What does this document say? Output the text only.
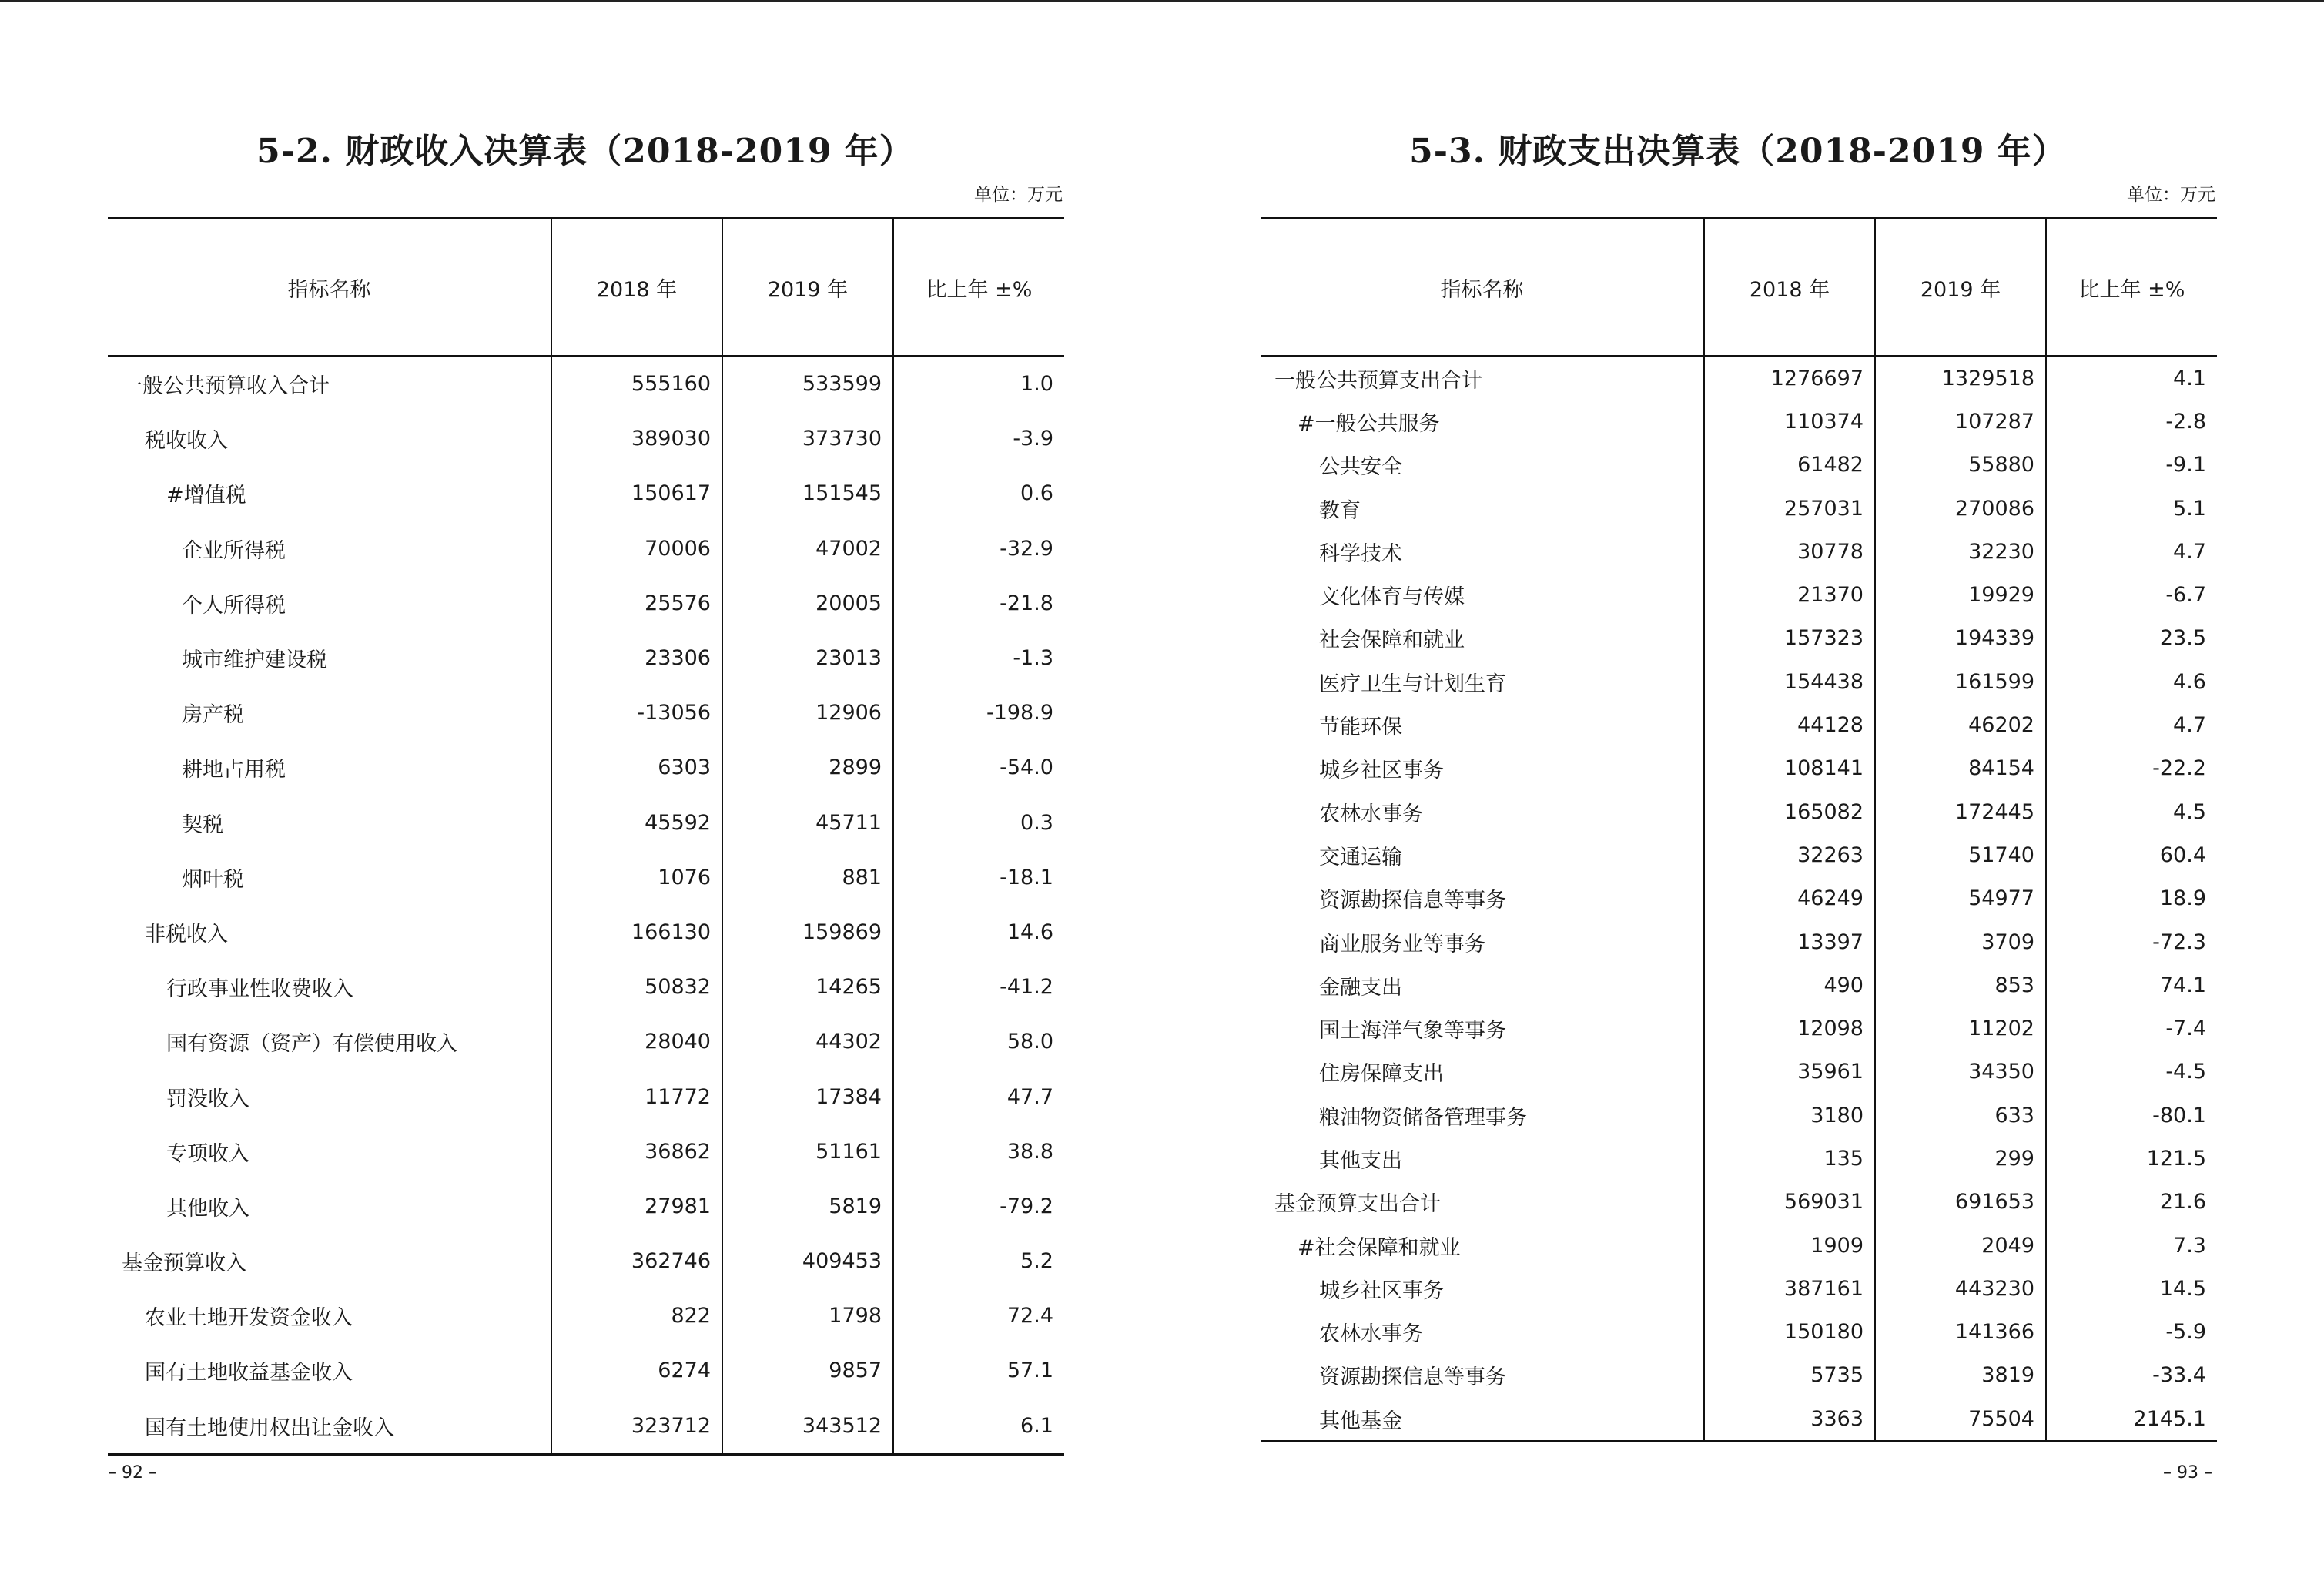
5-2. 财政收入决算表（2018-2019 年）
单位：万元
指标名称	2018 年	2019 年	比上年 ±%
一般公共预算收入合计	555160	533599	1.0
税收收入	389030	373730	-3.9
#增值税	150617	151545	0.6
企业所得税	70006	47002	-32.9
个人所得税	25576	20005	-21.8
城市维护建设税	23306	23013	-1.3
房产税	-13056	12906	-198.9
耕地占用税	6303	2899	-54.0
契税	45592	45711	0.3
烟叶税	1076	881	-18.1
非税收入	166130	159869	14.6
行政事业性收费收入	50832	14265	-41.2
国有资源（资产）有偿使用收入	28040	44302	58.0
罚没收入	11772	17384	47.7
专项收入	36862	51161	38.8
其他收入	27981	5819	-79.2
基金预算收入	362746	409453	5.2
农业土地开发资金收入	822	1798	72.4
国有土地收益基金收入	6274	9857	57.1
国有土地使用权出让金收入	323712	343512	6.1
– 92 –
5-3. 财政支出决算表（2018-2019 年）
单位：万元
指标名称	2018 年	2019 年	比上年 ±%
一般公共预算支出合计	1276697	1329518	4.1
#一般公共服务	110374	107287	-2.8
公共安全	61482	55880	-9.1
教育	257031	270086	5.1
科学技术	30778	32230	4.7
文化体育与传媒	21370	19929	-6.7
社会保障和就业	157323	194339	23.5
医疗卫生与计划生育	154438	161599	4.6
节能环保	44128	46202	4.7
城乡社区事务	108141	84154	-22.2
农林水事务	165082	172445	4.5
交通运输	32263	51740	60.4
资源勘探信息等事务	46249	54977	18.9
商业服务业等事务	13397	3709	-72.3
金融支出	490	853	74.1
国土海洋气象等事务	12098	11202	-7.4
住房保障支出	35961	34350	-4.5
粮油物资储备管理事务	3180	633	-80.1
其他支出	135	299	121.5
基金预算支出合计	569031	691653	21.6
#社会保障和就业	1909	2049	7.3
城乡社区事务	387161	443230	14.5
农林水事务	150180	141366	-5.9
资源勘探信息等事务	5735	3819	-33.4
其他基金	3363	75504	2145.1
– 93 –
